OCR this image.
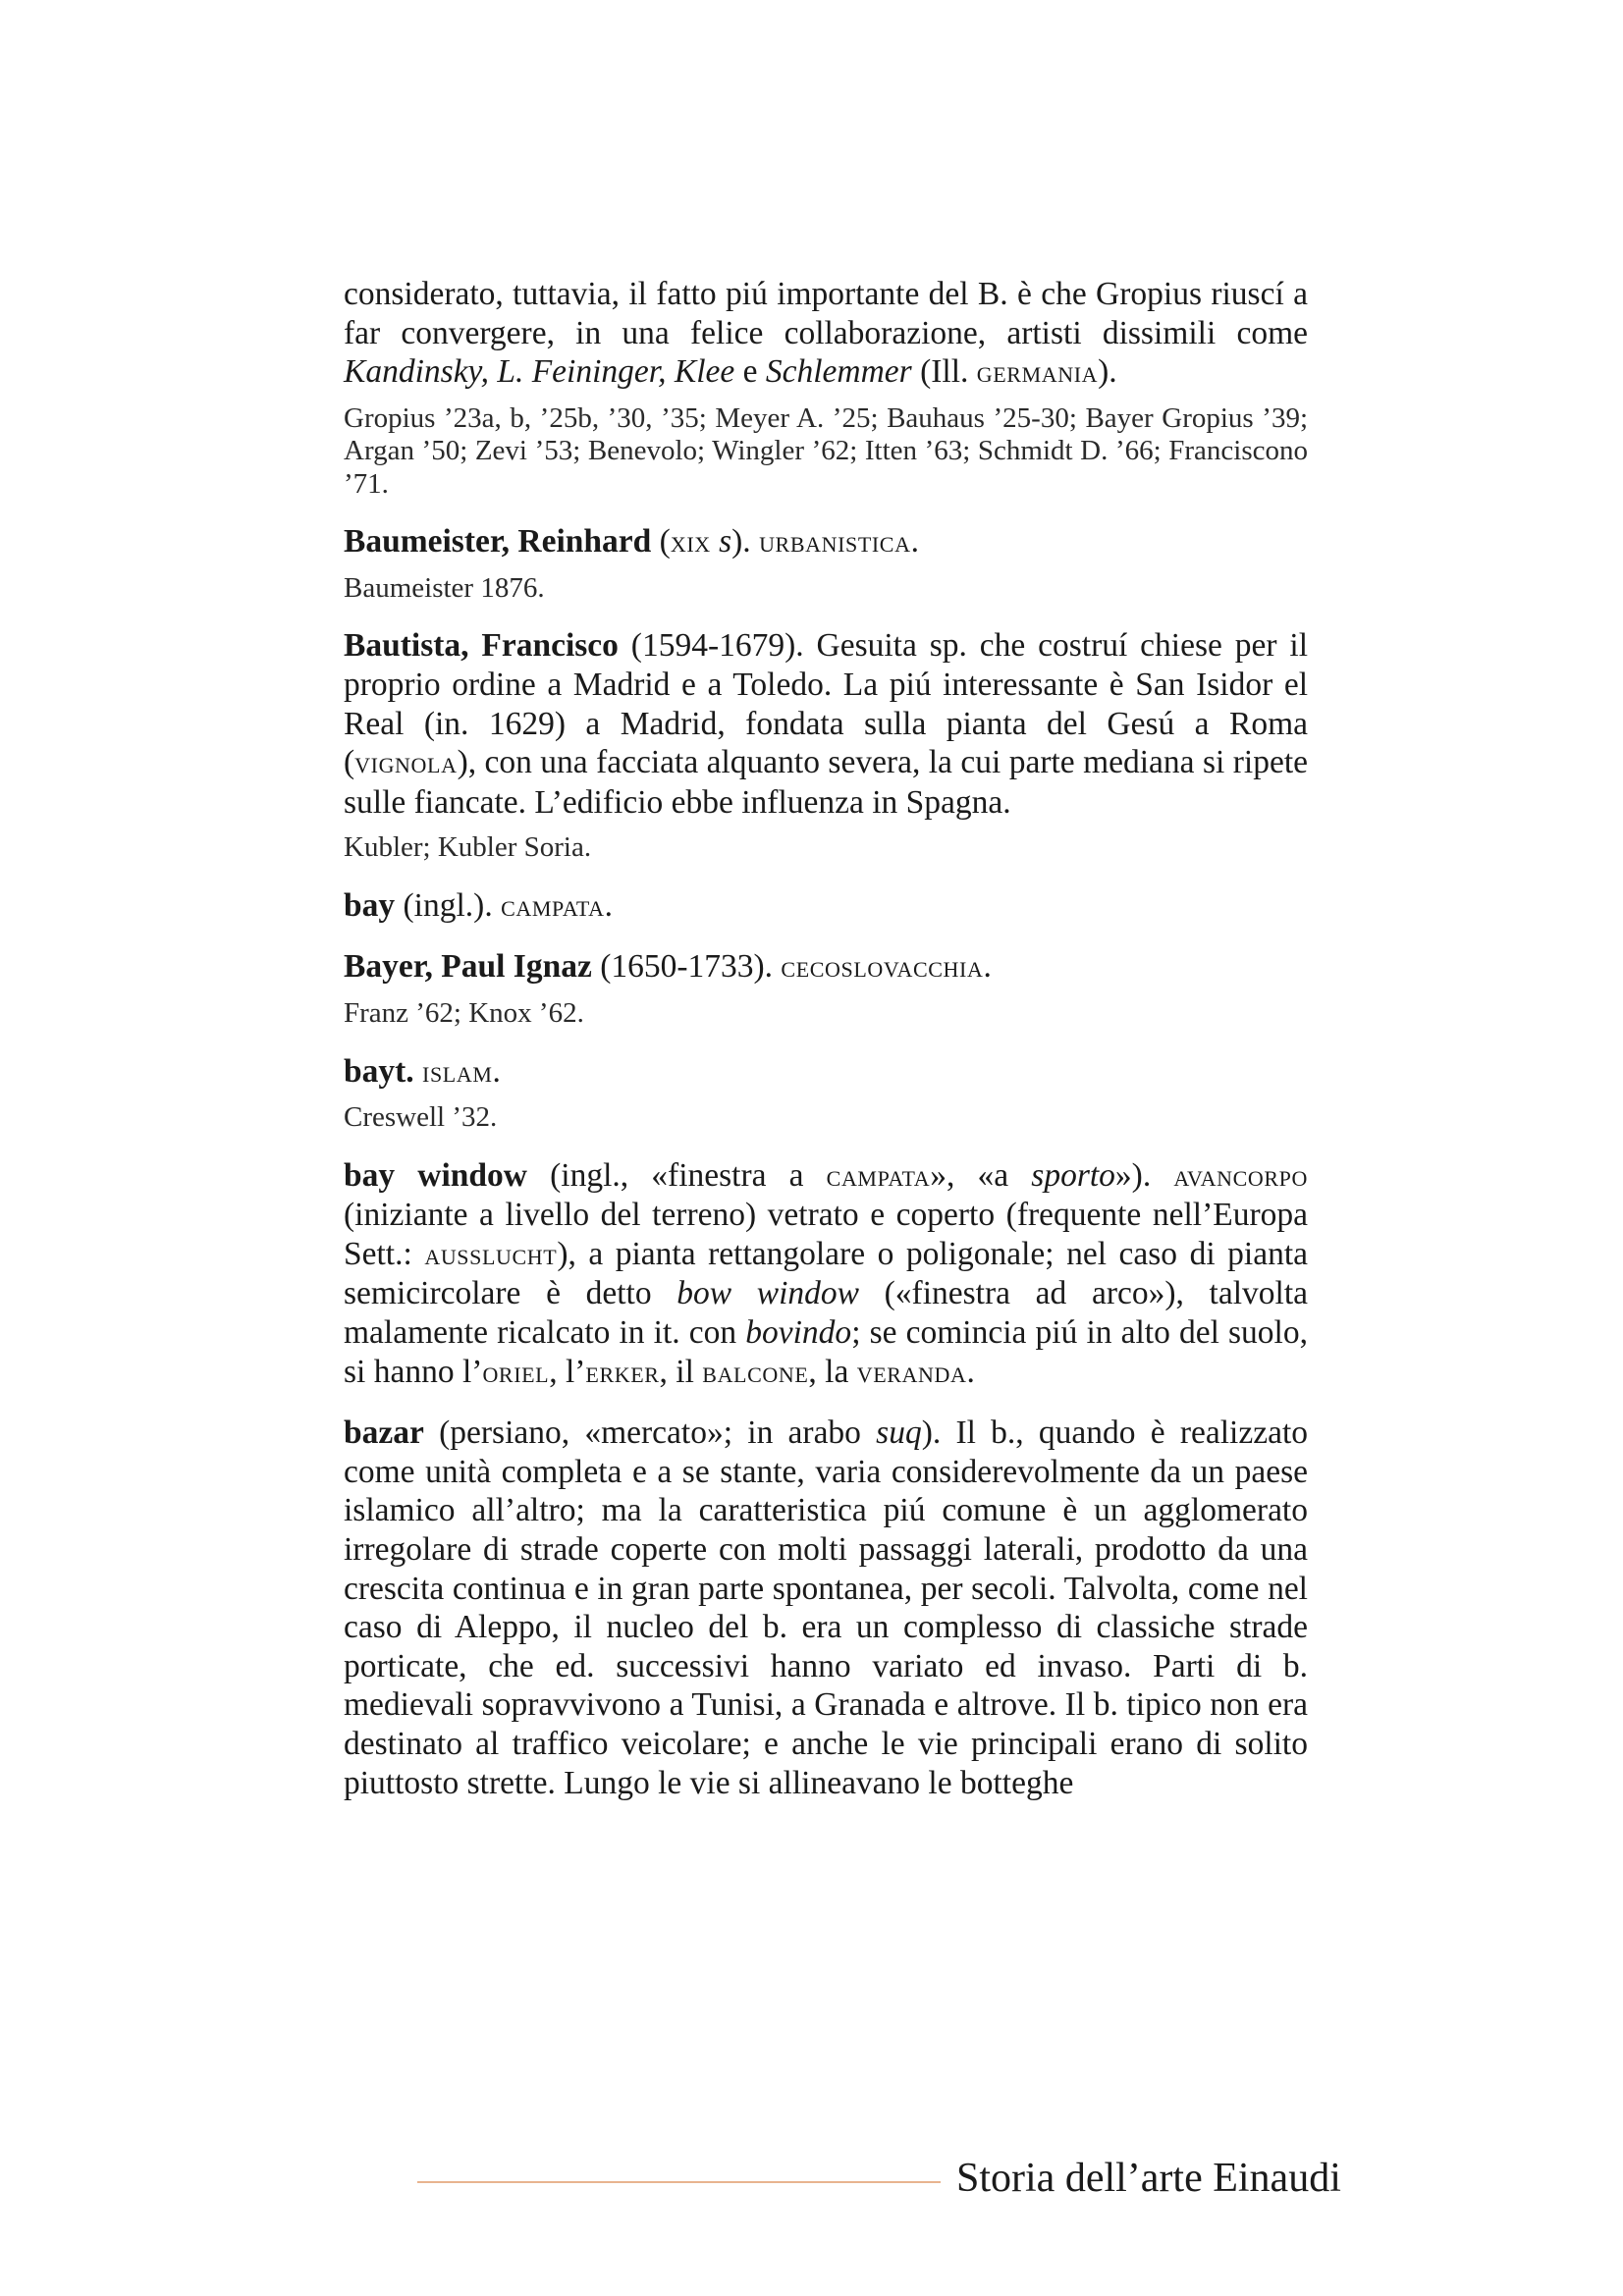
considerato, tuttavia, il fatto piú importante del B. è che Gropius riuscí a far convergere, in una felice collaborazione, artisti dissimili come Kandinsky, L. Feininger, Klee e Schlemmer (Ill. germania).

Gropius ’23a, b, ’25b, ’30, ’35; Meyer A. ’25; Bauhaus ’25-30; Bayer Gropius ’39; Argan ’50; Zevi ’53; Benevolo; Wingler ’62; Itten ’63; Schmidt D. ’66; Franciscono ’71.

Baumeister, Reinhard (xix s). urbanistica.

Baumeister 1876.

Bautista, Francisco (1594-1679). Gesuita sp. che costruí chiese per il proprio ordine a Madrid e a Toledo. La piú interessante è San Isidor el Real (in. 1629) a Madrid, fondata sulla pianta del Gesú a Roma (vignola), con una facciata alquanto severa, la cui parte mediana si ripete sulle fiancate. L’edificio ebbe influenza in Spagna.

Kubler; Kubler Soria.

bay (ingl.). campata.

Bayer, Paul Ignaz (1650-1733). cecoslovacchia.

Franz ’62; Knox ’62.

bayt. islam.

Creswell ’32.

bay window (ingl., «finestra a campata», «a sporto»). avancorpo (iniziante a livello del terreno) vetrato e coperto (frequente nell’Europa Sett.: ausslucht), a pianta rettangolare o poligonale; nel caso di pianta semicircolare è detto bow window («finestra ad arco»), talvolta malamente ricalcato in it. con bovindo; se comincia piú in alto del suolo, si hanno l’oriel, l’erker, il balcone, la veranda.

bazar (persiano, «mercato»; in arabo suq). Il b., quando è realizzato come unità completa e a se stante, varia considerevolmente da un paese islamico all’altro; ma la caratteristica piú comune è un agglomerato irregolare di strade coperte con molti passaggi laterali, prodotto da una crescita continua e in gran parte spontanea, per secoli. Talvolta, come nel caso di Aleppo, il nucleo del b. era un complesso di classiche strade porticate, che ed. successivi hanno variato ed invaso. Parti di b. medievali sopravvivono a Tunisi, a Granada e altrove. Il b. tipico non era destinato al traffico veicolare; e anche le vie principali erano di solito piuttosto strette. Lungo le vie si allineavano le botteghe

Storia dell’arte Einaudi
